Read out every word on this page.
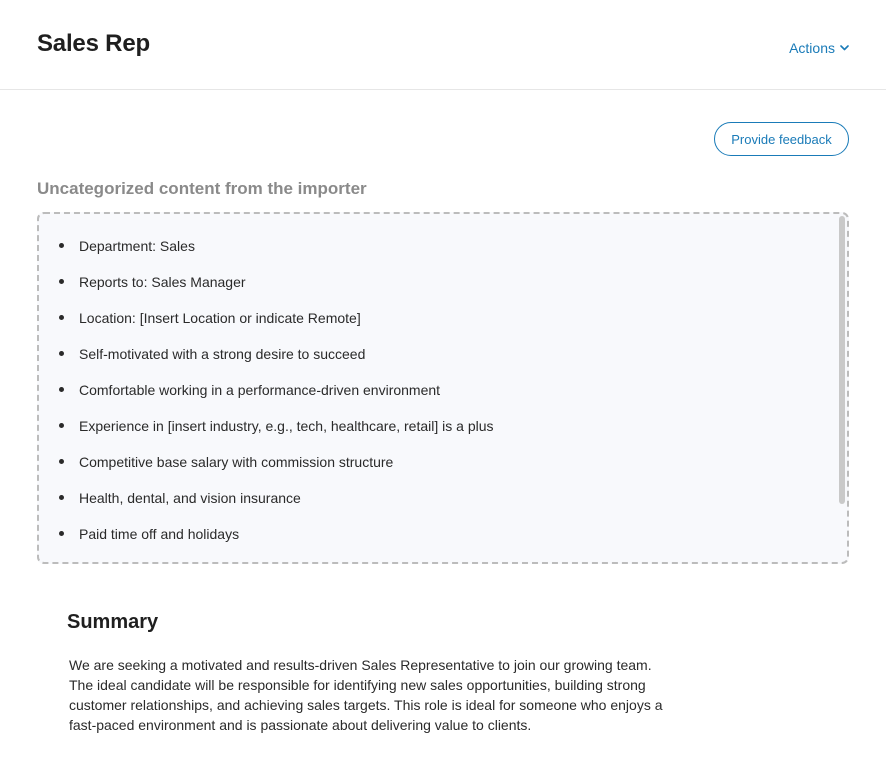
Sales Rep	Actions
Provide feedback
Uncategorized content from the importer
Department: Sales
Reports to: Sales Manager
Location: [Insert Location or indicate Remote]
Self-motivated with a strong desire to succeed
Comfortable working in a performance-driven environment
Experience in [insert industry, e.g., tech, healthcare, retail] is a plus
Competitive base salary with commission structure
Health, dental, and vision insurance
Paid time off and holidays
Summary
We are seeking a motivated and results-driven Sales Representative to join our growing team.
The ideal candidate will be responsible for identifying new sales opportunities, building strong
customer relationships, and achieving sales targets. This role is ideal for someone who enjoys a
fast-paced environment and is passionate about delivering value to clients.
